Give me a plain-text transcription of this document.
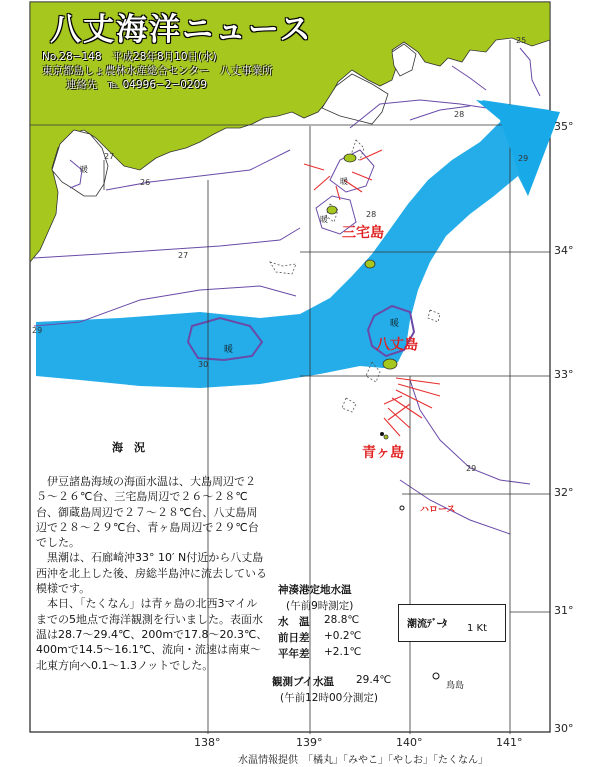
八丈海洋ニュース
No.28−148　平成28年8月10日(水)
東京都島しょ農林水産総合センター　八丈事業所
連絡先　℡ 04996−2−0209
三宅島
八丈島
青ヶ島
ハロース
鳥島
暖
暖
暖
暖
暖
25
26
27
28
29
30
29
29
27
28
35°
34°
33°
32°
31°
30°
138°	139°	140°	141°
海　況

伊豆諸島海域の海面水温は、大島周辺で２５〜２６℃台、三宅島周辺で２６〜２８℃台、御蔵島周辺で２７〜２８℃台、八丈島周辺で２８〜２９℃台、青ヶ島周辺で２９℃台でした。

黒潮は、石廊崎沖33° 10′ N付近から八丈島西沖を北上した後、房総半島沖に流去している模様です。

本日、「たくなん」は青ヶ島の北西3マイルまでの5地点で海洋観測を行いました。表面水温は28.7〜29.4℃、200mで17.8〜20.3℃、400mで14.5〜16.1℃、流向・流速は南東〜北東方向へ0.1〜1.3ノットでした。

神湊港定地水温
(午前9時測定)
水　温 28.8℃
前日差 +0.2℃
平年差 +2.1℃
観測ブイ水温 29.4℃
(午前12時00分測定)
潮流ﾃﾞｰﾀ 1 Kt
水温情報提供　「橘丸」「みやこ」「やしお」「たくなん」
